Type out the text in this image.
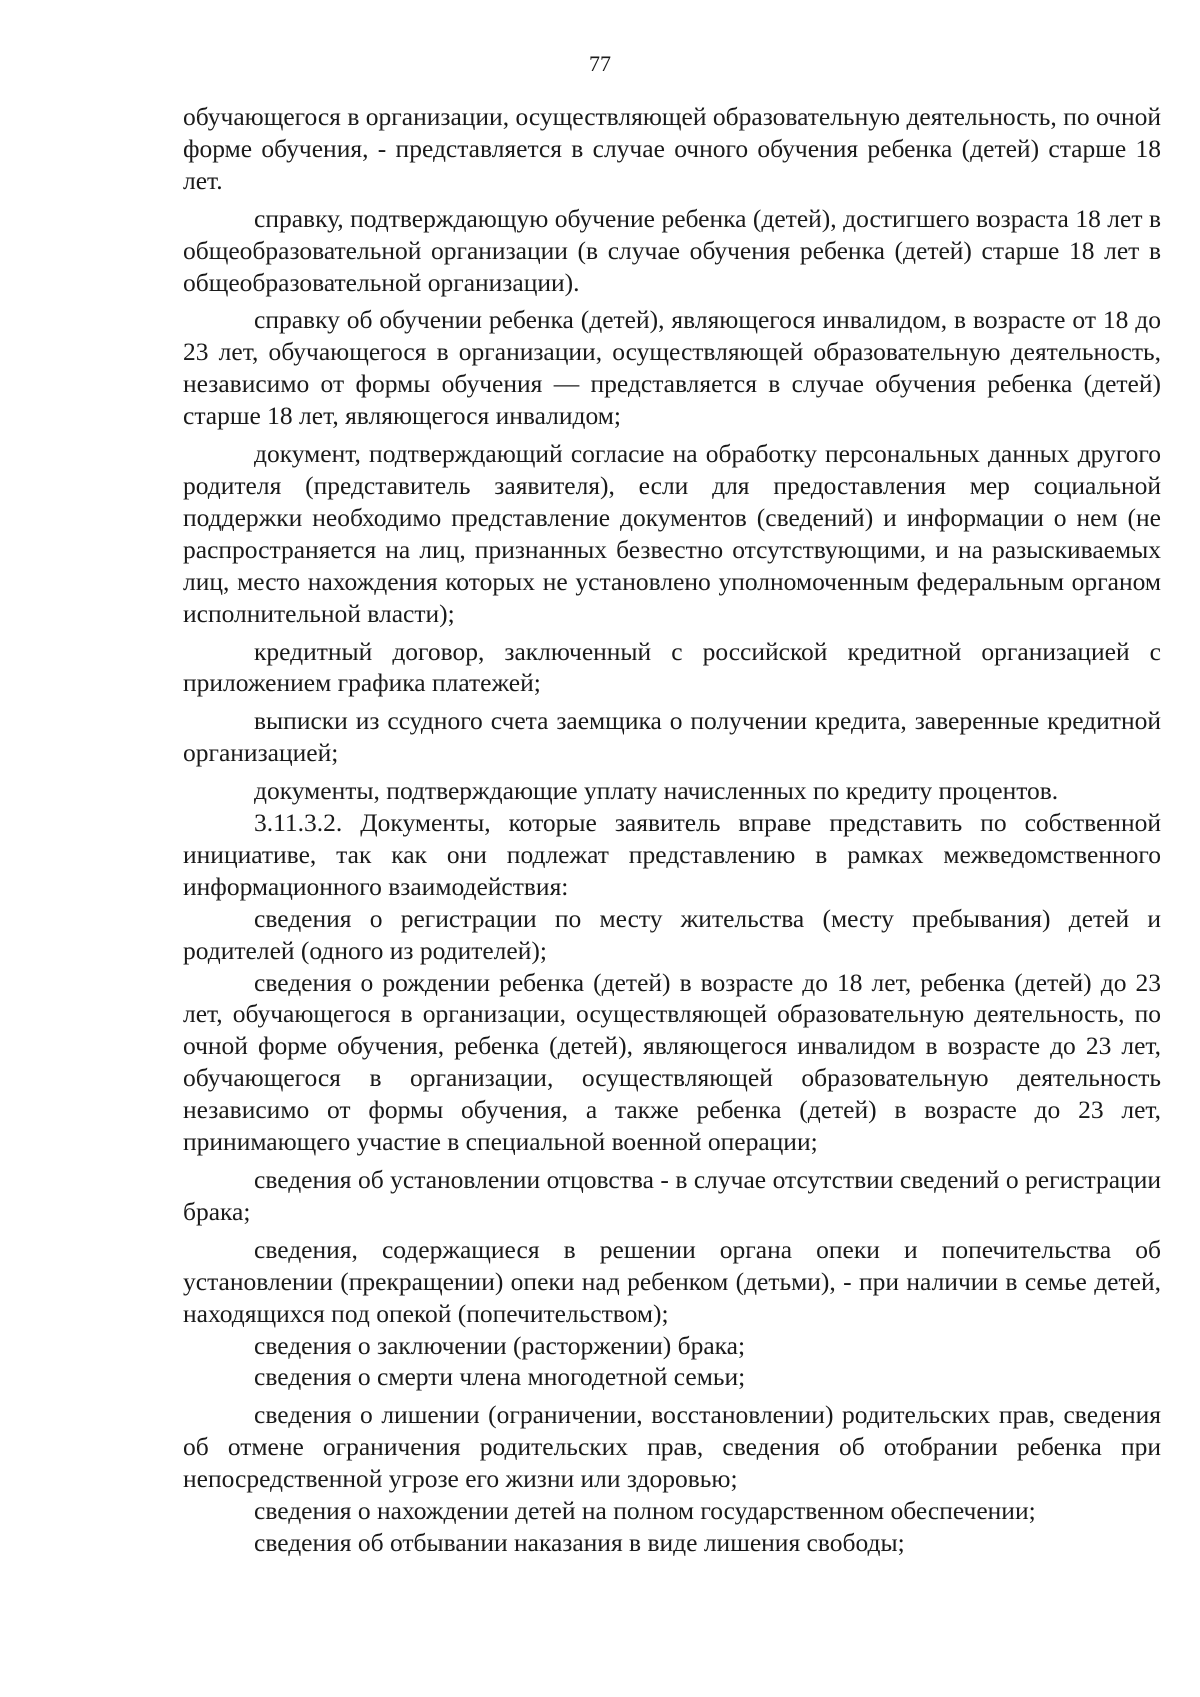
77

обучающегося в организации, осуществляющей образовательную деятельность, по очной форме обучения, - представляется в случае очного обучения ребенка (детей) старше 18 лет.

справку, подтверждающую обучение ребенка (детей), достигшего возраста 18 лет в общеобразовательной организации (в случае обучения ребенка (детей) старше 18 лет в общеобразовательной организации).

справку об обучении ребенка (детей), являющегося инвалидом, в возрасте от 18 до 23 лет, обучающегося в организации, осуществляющей образовательную деятельность, независимо от формы обучения — представляется в случае обучения ребенка (детей) старше 18 лет, являющегося инвалидом;

документ, подтверждающий согласие на обработку персональных данных другого родителя (представитель заявителя), если для предоставления мер социальной поддержки необходимо представление документов (сведений) и информации о нем (не распространяется на лиц, признанных безвестно отсутствующими, и на разыскиваемых лиц, место нахождения которых не установлено уполномоченным федеральным органом исполнительной власти);

кредитный договор, заключенный с российской кредитной организацией с приложением графика платежей;

выписки из ссудного счета заемщика о получении кредита, заверенные кредитной организацией;

документы, подтверждающие уплату начисленных по кредиту процентов.

3.11.3.2. Документы, которые заявитель вправе представить по собственной инициативе, так как они подлежат представлению в рамках межведомственного информационного взаимодействия:

сведения о регистрации по месту жительства (месту пребывания) детей и родителей (одного из родителей);

сведения о рождении ребенка (детей) в возрасте до 18 лет, ребенка (детей) до 23 лет, обучающегося в организации, осуществляющей образовательную деятельность, по очной форме обучения, ребенка (детей), являющегося инвалидом в возрасте до 23 лет, обучающегося в организации, осуществляющей образовательную деятельность независимо от формы обучения, а также ребенка (детей) в возрасте до 23 лет, принимающего участие в специальной военной операции;

сведения об установлении отцовства - в случае отсутствии сведений о регистрации брака;

сведения, содержащиеся в решении органа опеки и попечительства об установлении (прекращении) опеки над ребенком (детьми), - при наличии в семье детей, находящихся под опекой (попечительством);

сведения о заключении (расторжении) брака;

сведения о смерти члена многодетной семьи;

сведения о лишении (ограничении, восстановлении) родительских прав, сведения об отмене ограничения родительских прав, сведения об отобрании ребенка при непосредственной угрозе его жизни или здоровью;

сведения о нахождении детей на полном государственном обеспечении;

сведения об отбывании наказания в виде лишения свободы;
